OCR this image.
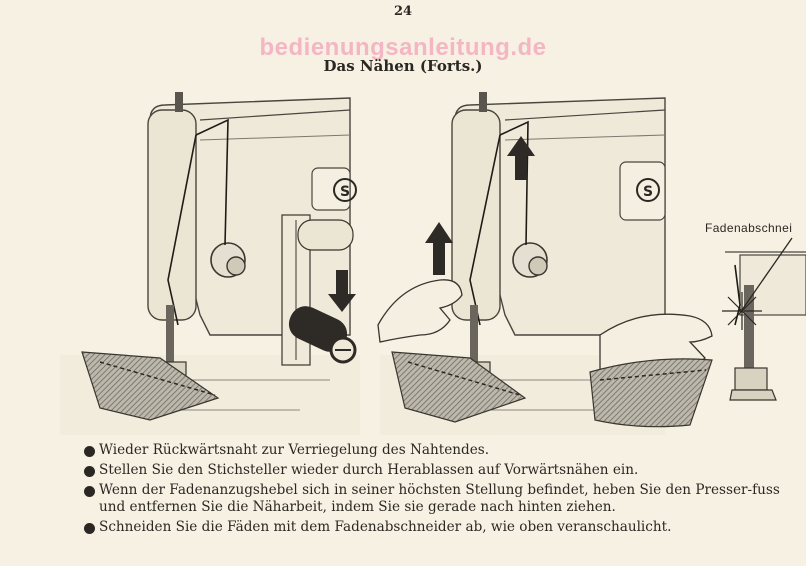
24
bedienungsanleitung.de
Das Nähen (Forts.)
S	S
Fadenabschnei
Wieder Rückwärtsnaht zur Verriegelung des Nahtendes.
Stellen Sie den Stichsteller wieder durch Herablassen auf Vorwärtsnähen ein.
Wenn der Fadenanzugshebel sich in seiner höchsten Stellung befindet, heben Sie den Presser-fuss und entfernen Sie die Näharbeit, indem Sie sie gerade nach hinten ziehen.
Schneiden Sie die Fäden mit dem Fadenabschneider ab, wie oben veranschaulicht.
